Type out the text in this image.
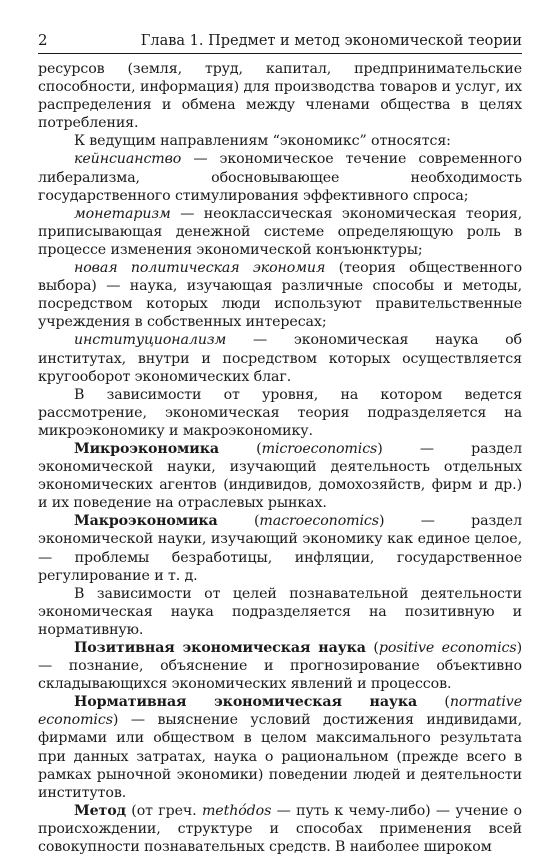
2	Глава 1. Предмет и метод экономической теории

ресурсов (земля, труд, капитал, предпринимательские способности, информация) для производства товаров и услуг, их распределения и обмена между членами общества в целях потребления.

К ведущим направлениям “экономикс” относятся:

кейнсианство — экономическое течение современного либерализма, обосновывающее необходимость государственного стимулирования эффективного спроса;

монетаризм — неоклассическая экономическая теория, приписывающая денежной системе определяющую роль в процессе изменения экономической конъюнктуры;

новая политическая экономия (теория общественного выбора) — наука, изучающая различные способы и методы, посредством которых люди используют правительственные учреждения в собственных интересах;

институционализм — экономическая наука об институтах, внутри и посредством которых осуществляется кругооборот экономических благ.

В зависимости от уровня, на котором ведется рассмотрение, экономическая теория подразделяется на микроэкономику и макроэкономику.

Микроэкономика (microeconomics) — раздел экономической науки, изучающий деятельность отдельных экономических агентов (индивидов, домохозяйств, фирм и др.) и их поведение на отраслевых рынках.

Макроэкономика (macroeconomics) — раздел экономической науки, изучающий экономику как единое целое, — проблемы безработицы, инфляции, государственное регулирование и т. д.

В зависимости от целей познавательной деятельности экономическая наука подразделяется на позитивную и нормативную.

Позитивная экономическая наука (positive economics) — познание, объяснение и прогнозирование объективно складывающихся экономических явлений и процессов.

Нормативная экономическая наука (normative economics) — выяснение условий достижения индивидами, фирмами или обществом в целом максимального результата при данных затратах, наука о рациональном (прежде всего в рамках рыночной экономики) поведении людей и деятельности институтов.

Метод (от греч. methódos — путь к чему-либо) — учение о происхождении, структуре и способах применения всей совокупности познавательных средств. В наиболее широком
